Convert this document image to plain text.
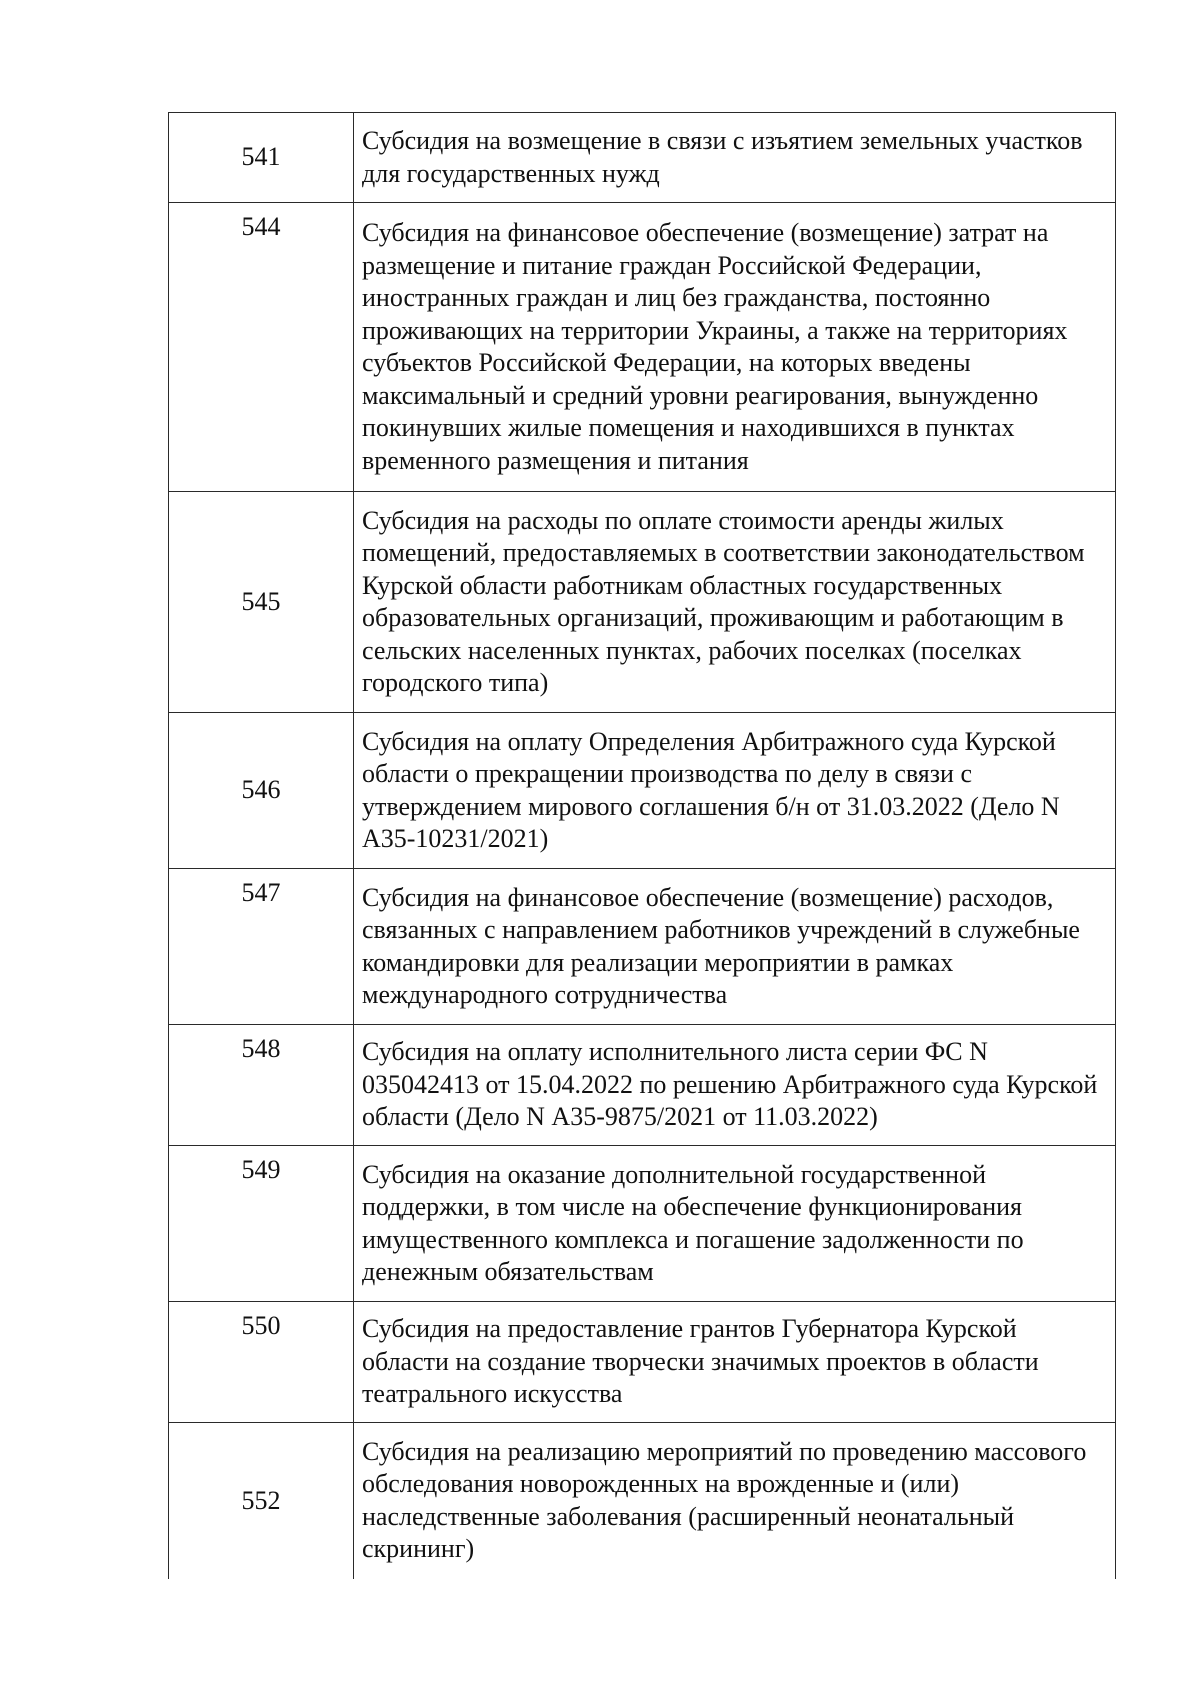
541	Субсидия на возмещение в связи с изъятием земельных участков для государственных нужд

544	Субсидия на финансовое обеспечение (возмещение) затрат на размещение и питание граждан Российской Федерации, иностранных граждан и лиц без гражданства, постоянно проживающих на территории Украины, а также на территориях субъектов Российской Федерации, на которых введены максимальный и средний уровни реагирования, вынужденно покинувших жилые помещения и находившихся в пунктах временного размещения и питания

545	Субсидия на расходы по оплате стоимости аренды жилых помещений, предоставляемых в соответствии законодательством Курской области работникам областных государственных образовательных организаций, проживающим и работающим в сельских населенных пунктах, рабочих поселках (поселках городского типа)

546	Субсидия на оплату Определения Арбитражного суда Курской области о прекращении производства по делу в связи с утверждением мирового соглашения б/н от 31.03.2022 (Дело N А35-10231/2021)

547	Субсидия на финансовое обеспечение (возмещение) расходов, связанных с направлением работников учреждений в служебные командировки для реализации мероприятии в рамках международного сотрудничества

548	Субсидия на оплату исполнительного листа серии ФС N 035042413 от 15.04.2022 по решению Арбитражного суда Курской области (Дело N А35-9875/2021 от 11.03.2022)

549	Субсидия на оказание дополнительной государственной поддержки, в том числе на обеспечение функционирования имущественного комплекса и погашение задолженности по денежным обязательствам

550	Субсидия на предоставление грантов Губернатора Курской области на создание творчески значимых проектов в области театрального искусства

552	Субсидия на реализацию мероприятий по проведению массового обследования новорожденных на врожденные и (или) наследственные заболевания (расширенный неонатальный скрининг)
